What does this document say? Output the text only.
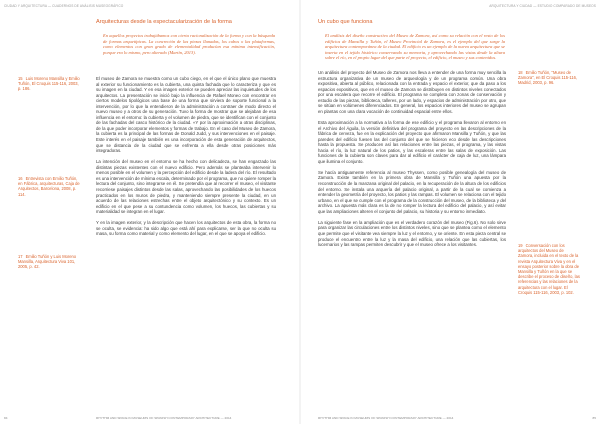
CIUDAD Y ARQUITECTURA — CUADERNOS DE ANÁLISIS MUSEOGRÁFICO
Arquitecturas desde la espectacularización de la forma
En aquellos proyectos trabajábamos con cierta racionalización de la forma y con la búsqueda de formas arquetípicas. La concreción de las piezas llanadas, los cubos o las plataformas, como elementos con gran grado de elementalidad producían esa mínima intensificación, porque era lo mismo, pero alterado (Martín, 2013).
15 Luis Moreno Mansilla y Emilio Tuñón, El Croquis 115-116, 2003, p. 186.
16 Entrevista con Emilio Tuñón, en Fábrica, arquitecturas, Caja de Arquitectos, Barcelona, 2008, p. 114.
17 Emilio Tuñón y Luis Moreno Mansilla, Arquitectura Viva 101, 2005, p. 42.

El museo de Zamora se muestra como un cubo ciego, en el que el único plano que muestra al exterior su funcionamiento es la cubierta, una quinta fachada que lo caracteriza y que es su imagen en la ciudad. Y en esa imagen exterior se pueden apreciar las inquietudes de los arquitectos. La presentación se inició bajo la influencia de Rafael Moneo con encontrar en ciertos modelos tipológicos una base de una forma que sirviera de soporte funcional a la intervención, por lo que la entendieron de la administración a contraer de modo directo el nuevo museo y a otros de su generación. Tuvo la forma de mostrar que se alejaban de esa influencia en el entorno: la cubierta y el volumen de piedra, que se identifican con el conjunto de las fachadas del casco histórico de la ciudad. «Y por la aproximación a otras disciplinas, de la que poder incorporar elementos y formas de trabajo. En el caso del Museo de Zamora, la cubierta es la principal de las formas de Donald Judd, y sus intervenciones en el paisaje. Este interés en el paisaje también es una incorporación de esta generación de arquitectos, que se distancia de la ciudad que se enfrenta a ella desde otras posiciones más integradoras.

La intención del museo en el entorno se ha hecho con delicadeza, se han engarzado las distintas piezas existentes con el nuevo edificio. Pero además se planteaba intervenir lo menos posible en el volumen y la percepción del edificio desde la ladera del río. El resultado es una intervención de mínima escala, determinado por el programa, que no quiere romper la lectura del conjunto, sino integrarse en él. Se pretendía que al recorrer el museo, el visitante recorriese paisajes distintos desde las salas, aprovechando las posibilidades de los huecos practicados en los muros de piedra, y manteniendo siempre presente la ciudad, en un acuerdo de las relaciones estrechas entre el objeto arquitectónico y su contexto. Es un edificio en el que pese a su contundencia como volumen, los huecos, las cubiertas y su materialidad se integran en el lugar.

Y en la imagen exterior, y la descripción que hacen los arquitectos de esta obra, la forma no se oculta, se evidencia: ha sido algo que está ahí para explicarse, ser la que no oculta su masa, su forma como material y como elemento del lugar, en el que se apoya el edificio.

84	RHYTHM AND SPACE IN MUSEUMS OF SPANISH CONTEMPORARY ARCHITECTURE — 2014
ARQUITECTURA Y CIUDAD — ESTUDIO COMPARADO DE MUSEOS
Un cubo que funciona
El análisis del diseño constructivo del Museo de Zamora, así como su relación con el resto de los edificios de Mansilla y Tuñón, el Museo Provincial de Zamora, es el ejemplo del que surge la arquitectura contemporánea de la ciudad. El edificio es un ejemplo de la nueva arquitectura que se inserta en el tejido histórico conservando su memoria, y aprovechando las vistas desde la altura sobre el río, en el propio lugar del que parte el proyecto, el edificio, el museo y sus contenidos.
18 Emilio Tuñón, "Museo de Zamora", en El Croquis 115-116, Madrid, 2003, p. 96.
19 Conversación con los arquitectos del Museo de Zamora, incluida en el texto de la revista Arquitectura Viva y en el ensayo posterior sobre la obra de Mansilla y Tuñón en la que se describe el proceso de diseño, las referencias y las relaciones de la arquitectura con el lugar. El Croquis 115-116, 2003, p. 102.

Un análisis del proyecto del Museo de Zamora nos lleva a entender de una forma muy sencilla la estructura organizativa de un museo de arqueología y de un programa común. Una obra expositiva, abierta al público, relacionada con la entrada y espacio el exterior, que da paso a los espacios expositivos, que en el museo de Zamora se distribuyen en distintos niveles conectados por una escalera que recorre el edificio. El programa se completa con zonas de conservación y estudio de las piezas, biblioteca, talleres, por un lado, y espacios de administración por otro, que se sitúan en volúmenes diferenciados. En general, los espacios interiores del museo se agrupan en plantas con una clara vocación de continuidad espacial entre ellos.

Esta aproximación a la normativa a la forma de ese edificio y el programa llevaron al entorno en el Archivo del Águila, la versión definitiva del programa del proyecto en las descripciones de la fábrica de cerveza, fue en la explicación del proyecto que afirmaron Mansilla y Tuñón, y que las paredes del edificio fuesen las del conjunto del que se hicieron eco desde las descripciones hasta la propuesta. Se producen así las relaciones entre las piezas, el programa, y las vistas hacia el río, la luz natural de los patios, y las escaleras entre las salas de exposición. Las funciones de la cubierta son claves para dar al edificio el carácter de caja de luz, una lámpara que ilumina el conjunto.

Se hacía antiguamente referencia al museo Thyssen, como posible genealogía del museo de Zamora. Existe también en la primera obra de Mansilla y Tuñón una apuesta por la reconstrucción de la manzana original del palacio, en la recuperación de la altura de los edificios del entorno. Se instala una arquería del palacio original, a partir de la cual se comienza a entender la geometría del proyecto, los patios y las rampas. El volumen se relaciona con el tejido urbano, en el que se cumple con el programa de la construcción del museo, de la biblioteca y del archivo. La apuesta más clara es la de no romper la lectura del edificio del palacio, y así evitar que las ampliaciones alteren el conjunto del palacio, su historia y su entorno inmediato.

La siguiente fase en la ampliación que es el verdadero corazón del museo (Fig.6). No solo sirve para organizar las circulaciones entre los distintos niveles, sino que se plantea como el elemento que permite que el visitante vea siempre la luz y el entorno, y se oriente. En esta pieza central se produce el encuentro entre la luz y la masa del edificio, una relación que las cubiertas, los lucernarios y las rampas permiten descubrir y que el museo ofrece a los visitantes.

RHYTHM AND SPACE IN MUSEUMS OF SPANISH CONTEMPORARY ARCHITECTURE — 2014	85
